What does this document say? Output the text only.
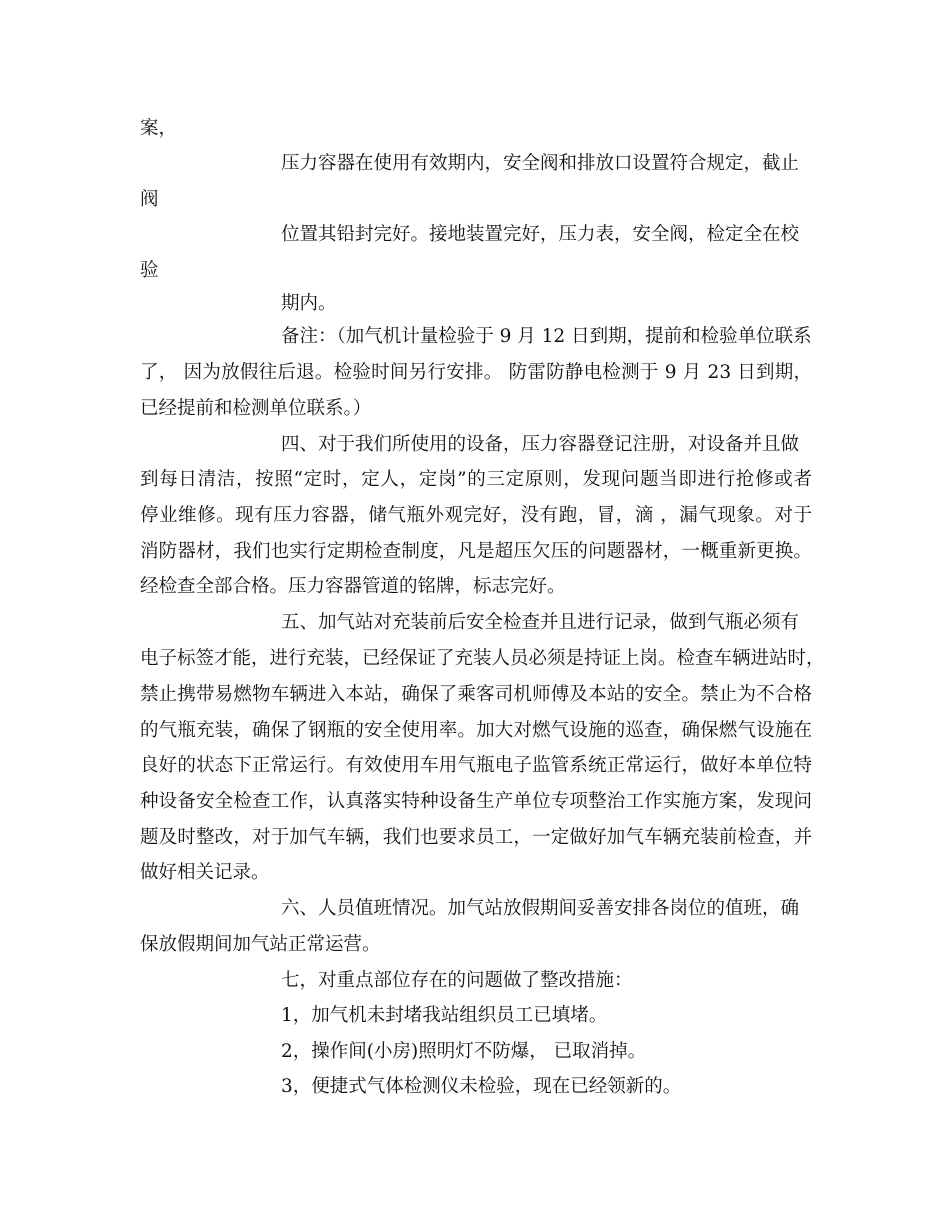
案，

压力容器在使用有效期内，安全阀和排放口设置符合规定，截止

阀

位置其铅封完好。接地装置完好，压力表，安全阀，检定全在校

验

期内。

备注：（加气机计量检验于 9 月 12 日到期，提前和检验单位联系

了， 因为放假往后退。检验时间另行安排。 防雷防静电检测于 9 月 23 日到期，

已经提前和检测单位联系。）

四、对于我们所使用的设备，压力容器登记注册，对设备并且做

到每日清洁，按照“定时，定人，定岗”的三定原则，发现问题当即进行抢修或者

停业维修。现有压力容器，储气瓶外观完好，没有跑，冒，滴 ，漏气现象。对于

消防器材，我们也实行定期检查制度，凡是超压欠压的问题器材，一概重新更换。

经检查全部合格。压力容器管道的铭牌，标志完好。

五、加气站对充装前后安全检查并且进行记录，做到气瓶必须有

电子标签才能，进行充装，已经保证了充装人员必须是持证上岗。检查车辆进站时，

禁止携带易燃物车辆进入本站，确保了乘客司机师傅及本站的安全。禁止为不合格

的气瓶充装，确保了钢瓶的安全使用率。加大对燃气设施的巡查，确保燃气设施在

良好的状态下正常运行。有效使用车用气瓶电子监管系统正常运行，做好本单位特

种设备安全检查工作，认真落实特种设备生产单位专项整治工作实施方案，发现问

题及时整改，对于加气车辆，我们也要求员工，一定做好加气车辆充装前检查，并

做好相关记录。

六、人员值班情况。加气站放假期间妥善安排各岗位的值班，确

保放假期间加气站正常运营。

七，对重点部位存在的问题做了整改措施：

1，加气机未封堵我站组织员工已填堵。

2，操作间(小房)照明灯不防爆， 已取消掉。

3，便捷式气体检测仪未检验，现在已经领新的。
